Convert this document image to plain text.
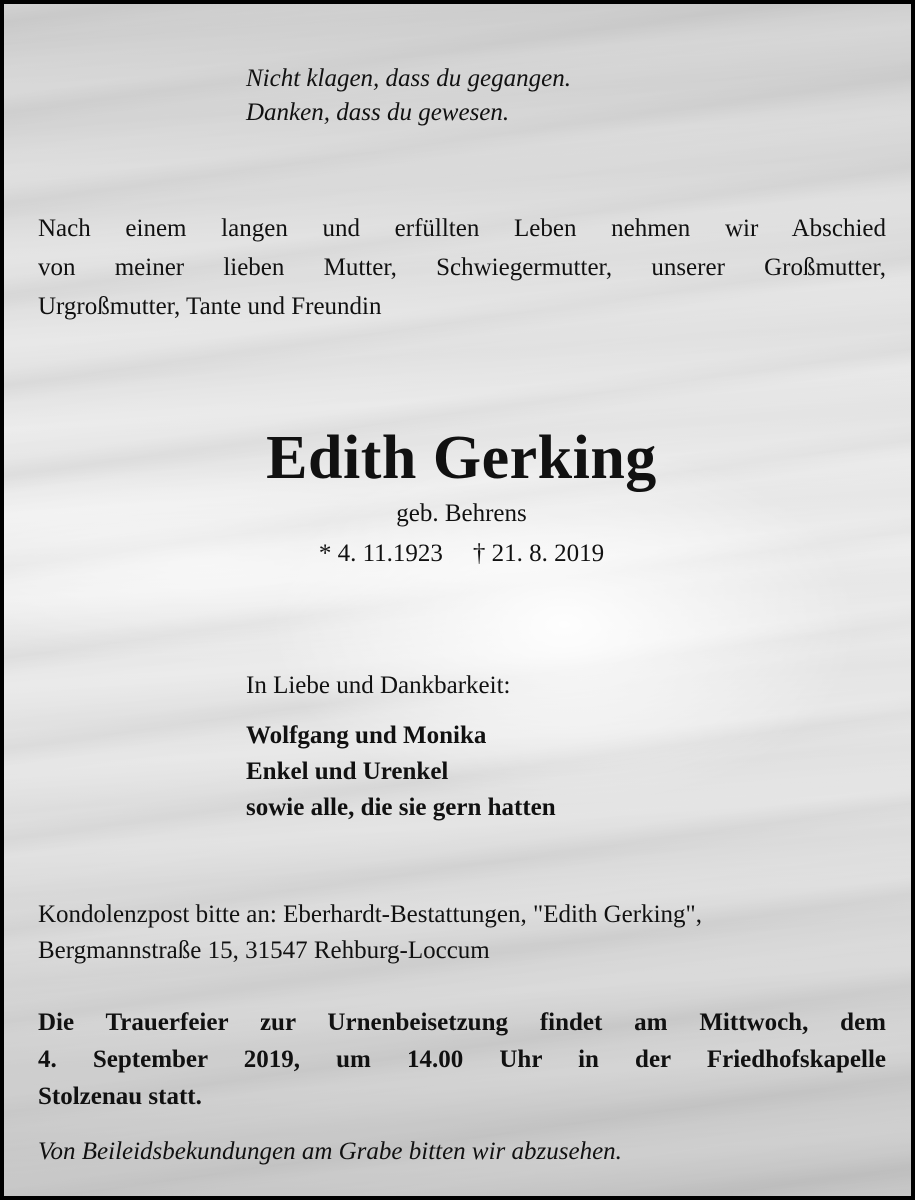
Nicht klagen, dass du gegangen.
Danken, dass du gewesen.

Nach einem langen und erfüllten Leben nehmen wir Abschied
von meiner lieben Mutter, Schwiegermutter, unserer Großmutter,
Urgroßmutter, Tante und Freundin

Edith Gerking

geb. Behrens

* 4. 11.1923 † 21. 8. 2019

In Liebe und Dankbarkeit:

Wolfgang und Monika
Enkel und Urenkel
sowie alle, die sie gern hatten

Kondolenzpost bitte an: Eberhardt-Bestattungen, "Edith Gerking",
Bergmannstraße 15, 31547 Rehburg-Loccum

Die Trauerfeier zur Urnenbeisetzung findet am Mittwoch, dem
4. September 2019, um 14.00 Uhr in der Friedhofskapelle
Stolzenau statt.

Von Beileidsbekundungen am Grabe bitten wir abzusehen.
